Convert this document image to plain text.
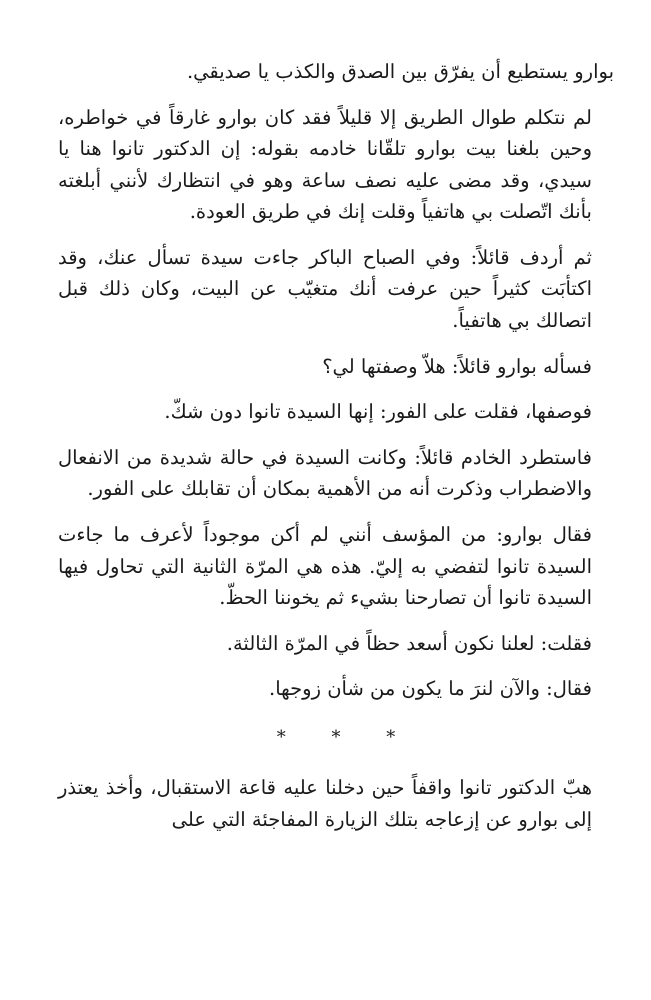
بوارو يستطيع أن يفرّق بين الصدق والكذب يا صديقي.

لم نتكلم طوال الطريق إلا قليلاً فقد كان بوارو غارقاً في خواطره، وحين بلغنا بيت بوارو تلقّانا خادمه بقوله: إن الدكتور تانوا هنا يا سيدي، وقد مضى عليه نصف ساعة وهو في انتظارك لأنني أبلغته بأنك اتّصلت بي هاتفياً وقلت إنك في طريق العودة.

ثم أردف قائلاً: وفي الصباح الباكر جاءت سيدة تسأل عنك، وقد اكتأبَت كثيراً حين عرفت أنك متغيّب عن البيت، وكان ذلك قبل اتصالك بي هاتفياً.

فسأله بوارو قائلاً: هلاّ وصفتها لي؟

فوصفها، فقلت على الفور: إنها السيدة تانوا دون شكّ.

فاستطرد الخادم قائلاً: وكانت السيدة في حالة شديدة من الانفعال والاضطراب وذكرت أنه من الأهمية بمكان أن تقابلك على الفور.

فقال بوارو: من المؤسف أنني لم أكن موجوداً لأعرف ما جاءت السيدة تانوا لتفضي به إليّ. هذه هي المرّة الثانية التي تحاول فيها السيدة تانوا أن تصارحنا بشيء ثم يخوننا الحظّ.

فقلت: لعلنا نكون أسعد حظاً في المرّة الثالثة.

فقال: والآن لنرَ ما يكون من شأن زوجها.

* * *

هبّ الدكتور تانوا واقفاً حين دخلنا عليه قاعة الاستقبال، وأخذ يعتذر إلى بوارو عن إزعاجه بتلك الزيارة المفاجئة التي على
